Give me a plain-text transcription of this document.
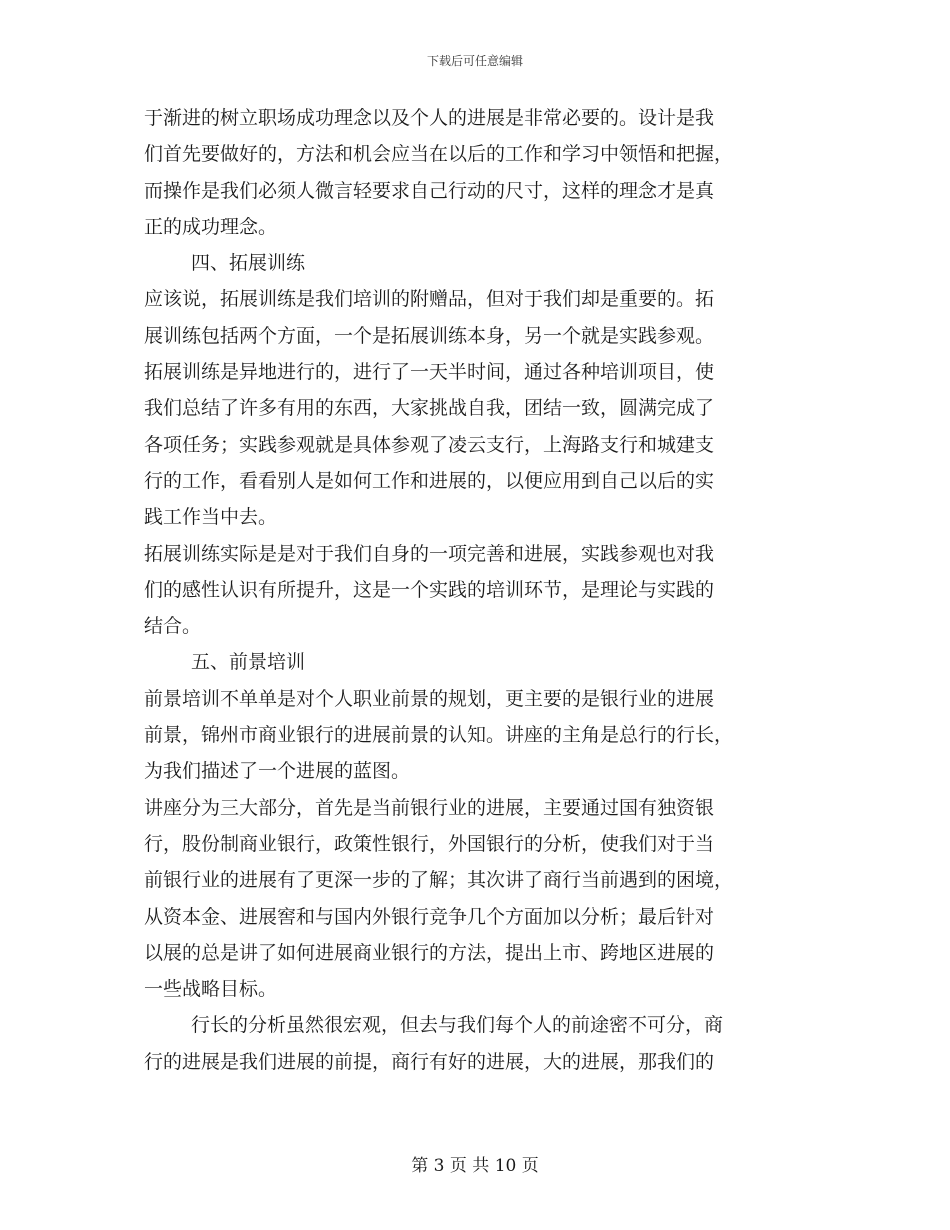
下载后可任意编辑
于渐进的树立职场成功理念以及个人的进展是非常必要的。设计是我
们首先要做好的，方法和机会应当在以后的工作和学习中领悟和把握，
而操作是我们必须人微言轻要求自己行动的尺寸，这样的理念才是真
正的成功理念。
四、拓展训练
应该说，拓展训练是我们培训的附赠品，但对于我们却是重要的。拓
展训练包括两个方面，一个是拓展训练本身，另一个就是实践参观。
拓展训练是异地进行的，进行了一天半时间，通过各种培训项目，使
我们总结了许多有用的东西，大家挑战自我，团结一致，圆满完成了
各项任务；实践参观就是具体参观了凌云支行，上海路支行和城建支
行的工作，看看别人是如何工作和进展的，以便应用到自己以后的实
践工作当中去。
拓展训练实际是是对于我们自身的一项完善和进展，实践参观也对我
们的感性认识有所提升，这是一个实践的培训环节，是理论与实践的
结合。
五、前景培训
前景培训不单单是对个人职业前景的规划，更主要的是银行业的进展
前景，锦州市商业银行的进展前景的认知。讲座的主角是总行的行长，
为我们描述了一个进展的蓝图。
讲座分为三大部分，首先是当前银行业的进展，主要通过国有独资银
行，股份制商业银行，政策性银行，外国银行的分析，使我们对于当
前银行业的进展有了更深一步的了解；其次讲了商行当前遇到的困境，
从资本金、进展窖和与国内外银行竞争几个方面加以分析；最后针对
以展的总是讲了如何进展商业银行的方法，提出上市、跨地区进展的
一些战略目标。
行长的分析虽然很宏观，但去与我们每个人的前途密不可分，商
行的进展是我们进展的前提，商行有好的进展，大的进展，那我们的
第 3 页 共 10 页
